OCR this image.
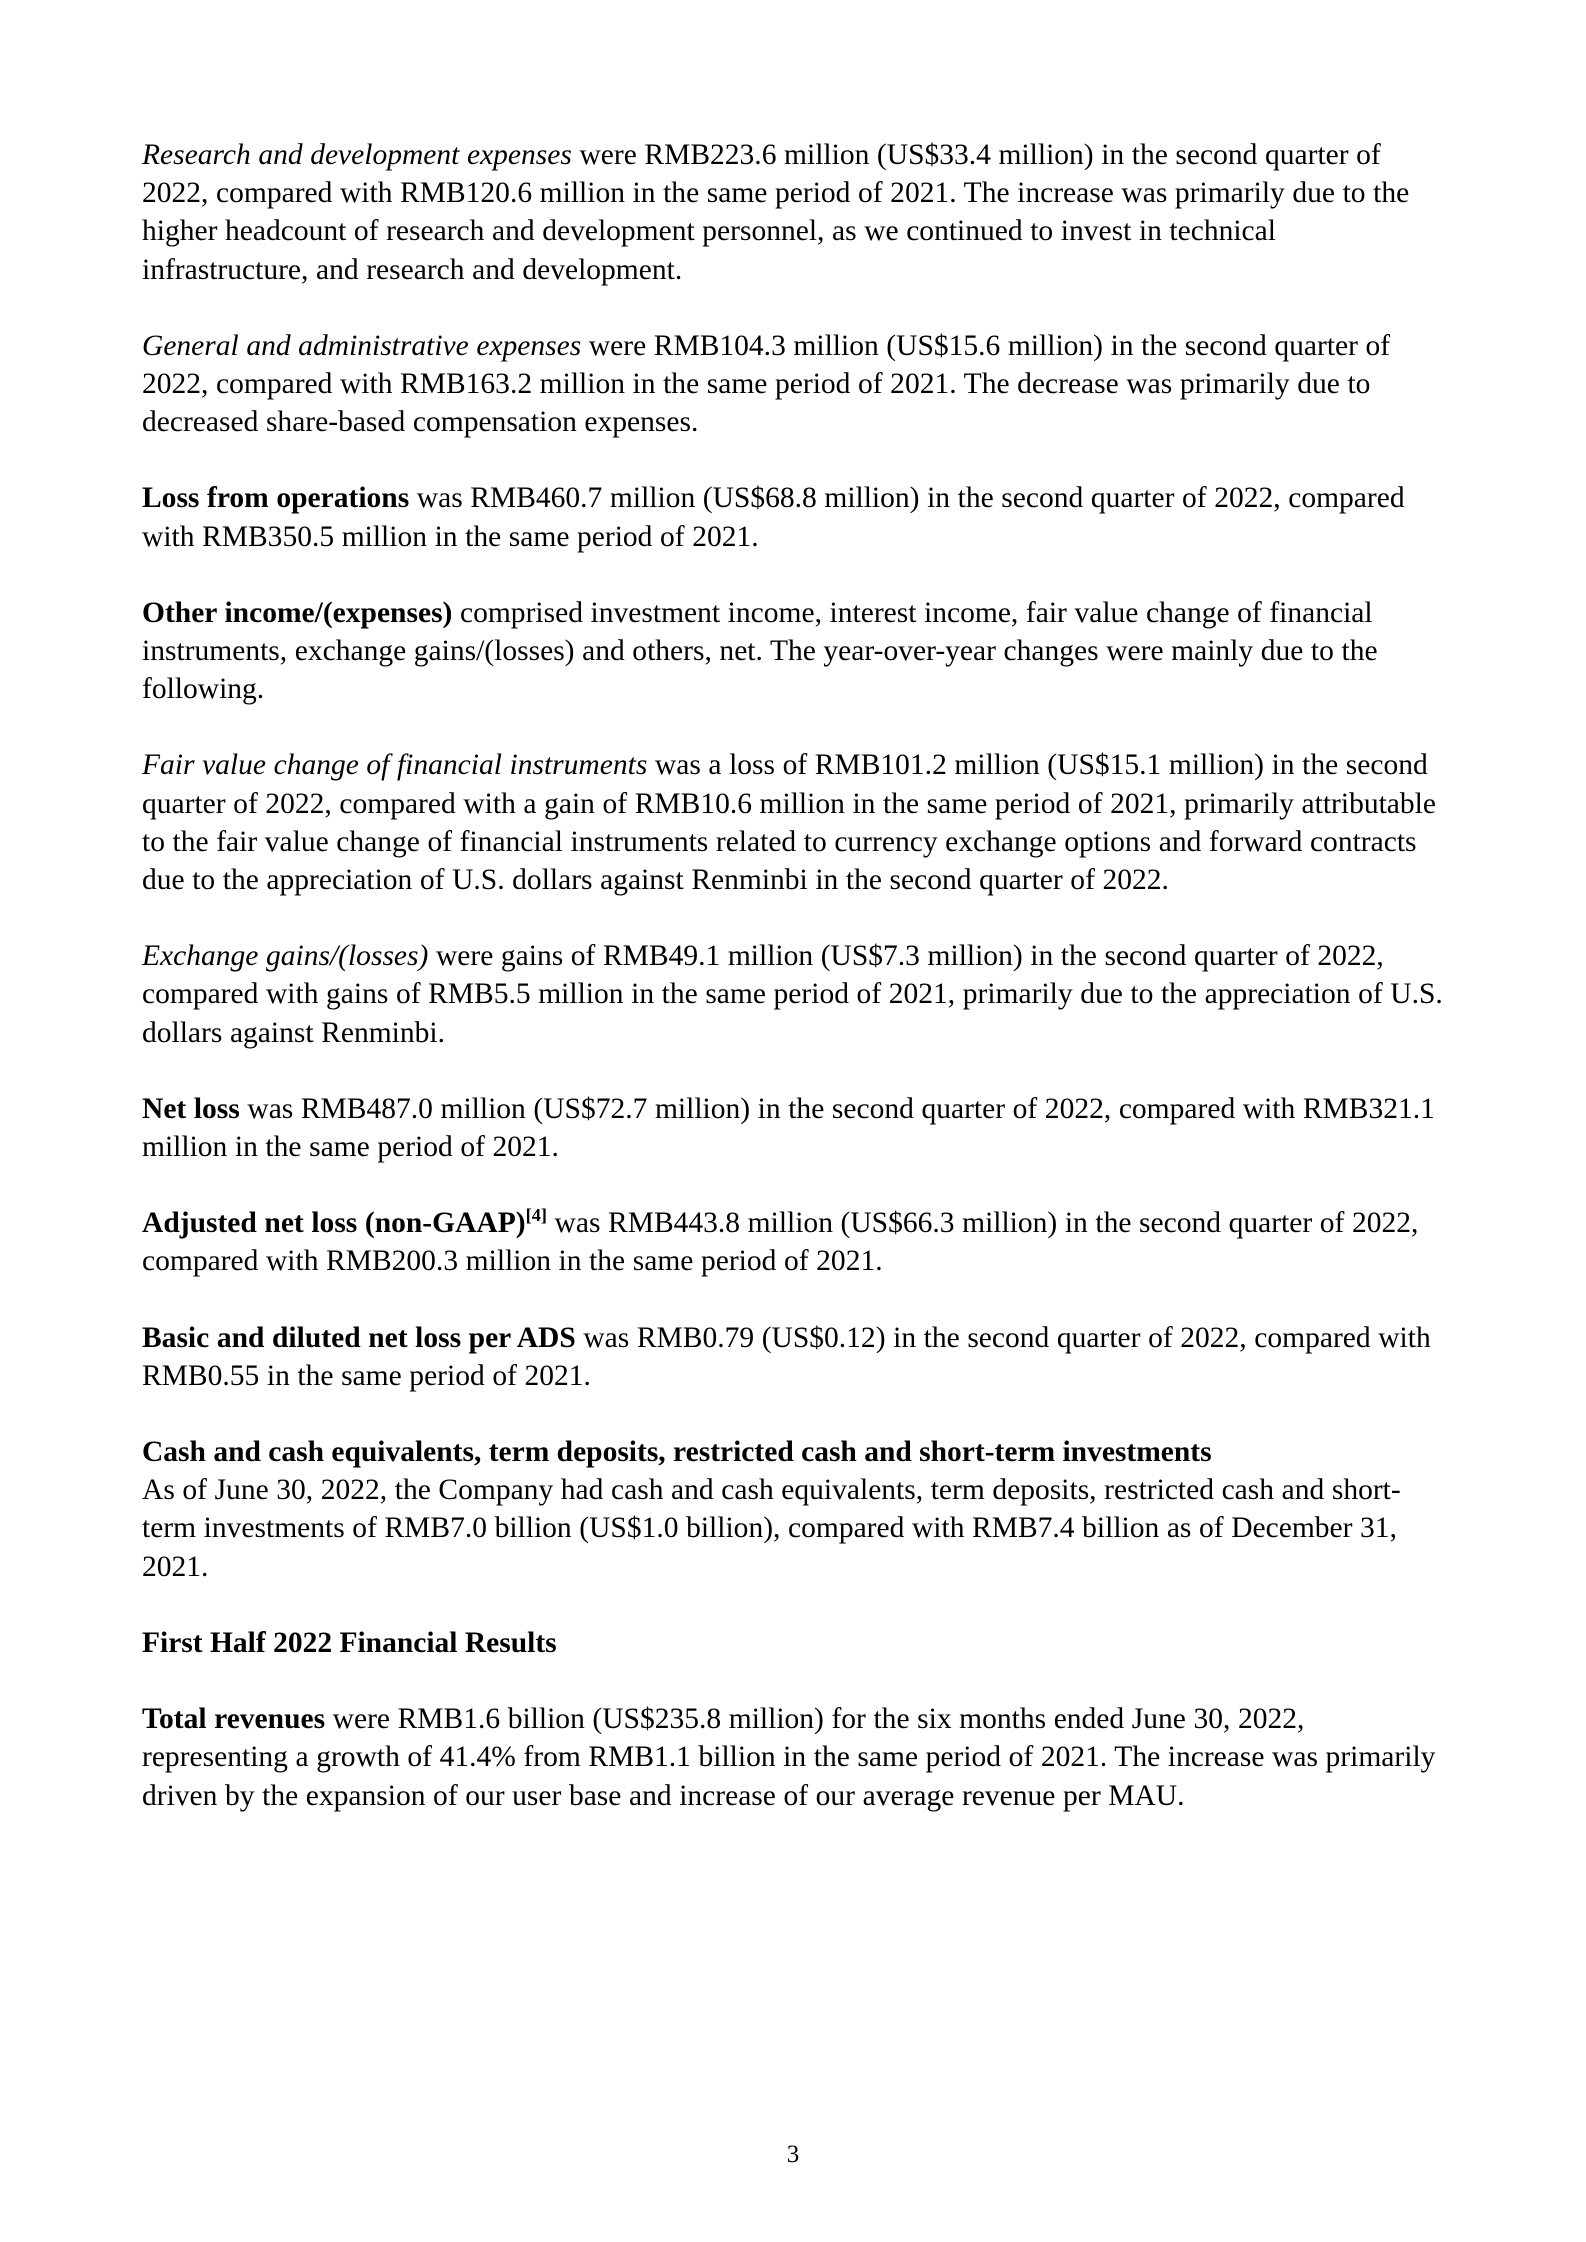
Research and development expenses were RMB223.6 million (US$33.4 million) in the second quarter of 2022, compared with RMB120.6 million in the same period of 2021. The increase was primarily due to the higher headcount of research and development personnel, as we continued to invest in technical infrastructure, and research and development.

General and administrative expenses were RMB104.3 million (US$15.6 million) in the second quarter of 2022, compared with RMB163.2 million in the same period of 2021. The decrease was primarily due to decreased share-based compensation expenses.

Loss from operations was RMB460.7 million (US$68.8 million) in the second quarter of 2022, compared with RMB350.5 million in the same period of 2021.

Other income/(expenses) comprised investment income, interest income, fair value change of financial instruments, exchange gains/(losses) and others, net. The year-over-year changes were mainly due to the following.

Fair value change of financial instruments was a loss of RMB101.2 million (US$15.1 million) in the second quarter of 2022, compared with a gain of RMB10.6 million in the same period of 2021, primarily attributable to the fair value change of financial instruments related to currency exchange options and forward contracts due to the appreciation of U.S. dollars against Renminbi in the second quarter of 2022.

Exchange gains/(losses) were gains of RMB49.1 million (US$7.3 million) in the second quarter of 2022, compared with gains of RMB5.5 million in the same period of 2021, primarily due to the appreciation of U.S. dollars against Renminbi.

Net loss was RMB487.0 million (US$72.7 million) in the second quarter of 2022, compared with RMB321.1 million in the same period of 2021.

Adjusted net loss (non-GAAP)[4] was RMB443.8 million (US$66.3 million) in the second quarter of 2022, compared with RMB200.3 million in the same period of 2021.

Basic and diluted net loss per ADS was RMB0.79 (US$0.12) in the second quarter of 2022, compared with RMB0.55 in the same period of 2021.

Cash and cash equivalents, term deposits, restricted cash and short-term investments

As of June 30, 2022, the Company had cash and cash equivalents, term deposits, restricted cash and short-term investments of RMB7.0 billion (US$1.0 billion), compared with RMB7.4 billion as of December 31, 2021.

First Half 2022 Financial Results

Total revenues were RMB1.6 billion (US$235.8 million) for the six months ended June 30, 2022, representing a growth of 41.4% from RMB1.1 billion in the same period of 2021. The increase was primarily driven by the expansion of our user base and increase of our average revenue per MAU.

3
